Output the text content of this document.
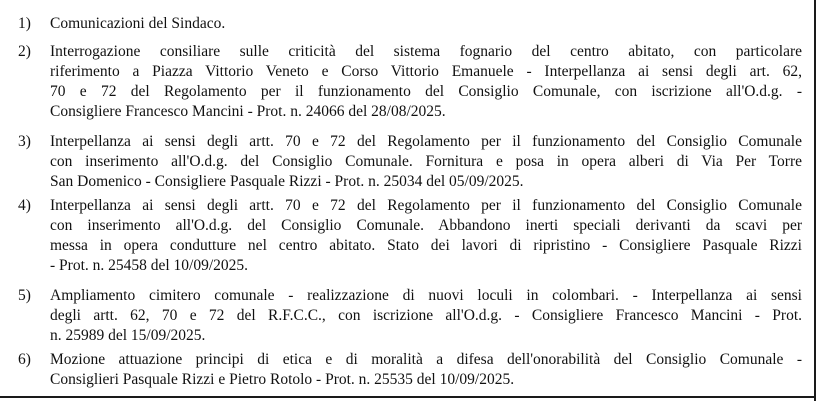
1) Comunicazioni del Sindaco.
2) Interrogazione consiliare sulle criticità del sistema fognario del centro abitato, con particolare
riferimento a Piazza Vittorio Veneto e Corso Vittorio Emanuele - Interpellanza ai sensi degli art. 62,
70 e 72 del Regolamento per il funzionamento del Consiglio Comunale, con iscrizione all'O.d.g. -
Consigliere Francesco Mancini - Prot. n. 24066 del 28/08/2025.
3) Interpellanza ai sensi degli artt. 70 e 72 del Regolamento per il funzionamento del Consiglio Comunale
con inserimento all'O.d.g. del Consiglio Comunale. Fornitura e posa in opera alberi di Via Per Torre
San Domenico - Consigliere Pasquale Rizzi - Prot. n. 25034 del 05/09/2025.
4) Interpellanza ai sensi degli artt. 70 e 72 del Regolamento per il funzionamento del Consiglio Comunale
con inserimento all'O.d.g. del Consiglio Comunale. Abbandono inerti speciali derivanti da scavi per
messa in opera condutture nel centro abitato. Stato dei lavori di ripristino - Consigliere Pasquale Rizzi
- Prot. n. 25458 del 10/09/2025.
5) Ampliamento cimitero comunale - realizzazione di nuovi loculi in colombari. - Interpellanza ai sensi
degli artt. 62, 70 e 72 del R.F.C.C., con iscrizione all'O.d.g. - Consigliere Francesco Mancini - Prot.
n. 25989 del 15/09/2025.
6) Mozione attuazione principi di etica e di moralità a difesa dell'onorabilità del Consiglio Comunale -
Consiglieri Pasquale Rizzi e Pietro Rotolo - Prot. n. 25535 del 10/09/2025.
